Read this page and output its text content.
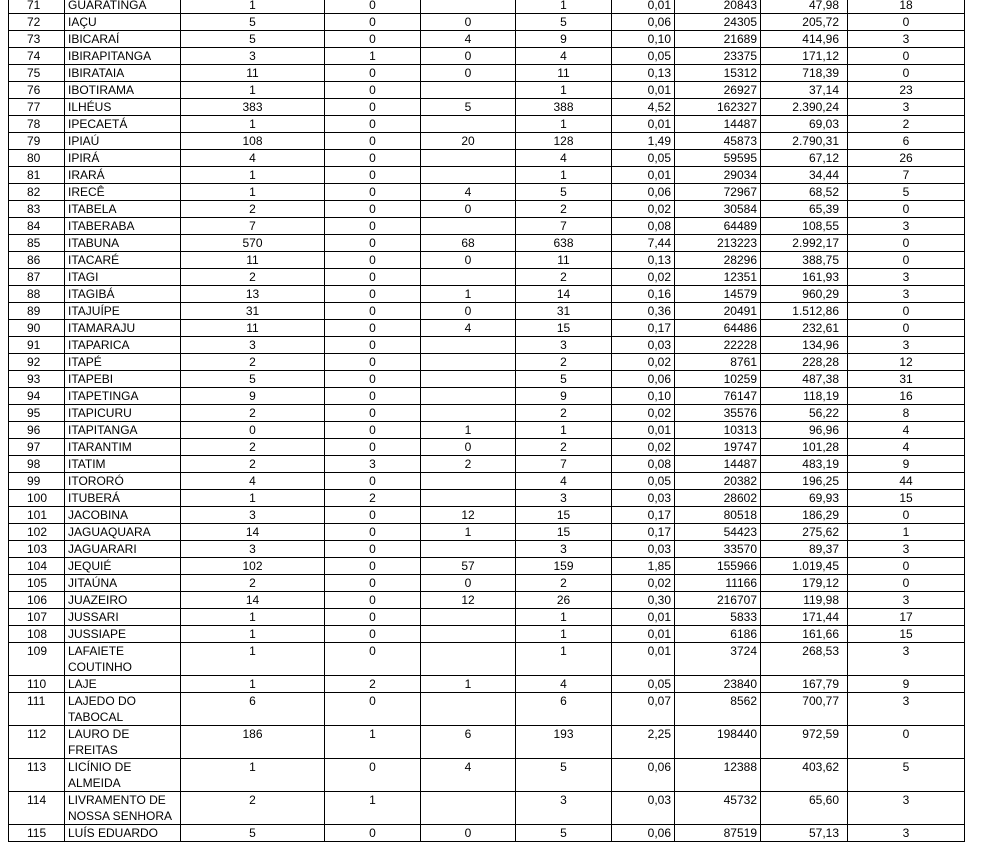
71	GUARATINGA	1	0		1	0,01	20843	47,98	18
72	IAÇU	5	0	0	5	0,06	24305	205,72	0
73	IBICARAÍ	5	0	4	9	0,10	21689	414,96	3
74	IBIRAPITANGA	3	1	0	4	0,05	23375	171,12	0
75	IBIRATAIA	11	0	0	11	0,13	15312	718,39	0
76	IBOTIRAMA	1	0		1	0,01	26927	37,14	23
77	ILHÉUS	383	0	5	388	4,52	162327	2.390,24	3
78	IPECAETÁ	1	0		1	0,01	14487	69,03	2
79	IPIAÚ	108	0	20	128	1,49	45873	2.790,31	6
80	IPIRÁ	4	0		4	0,05	59595	67,12	26
81	IRARÁ	1	0		1	0,01	29034	34,44	7
82	IRECÊ	1	0	4	5	0,06	72967	68,52	5
83	ITABELA	2	0	0	2	0,02	30584	65,39	0
84	ITABERABA	7	0		7	0,08	64489	108,55	3
85	ITABUNA	570	0	68	638	7,44	213223	2.992,17	0
86	ITACARÉ	11	0	0	11	0,13	28296	388,75	0
87	ITAGI	2	0		2	0,02	12351	161,93	3
88	ITAGIBÁ	13	0	1	14	0,16	14579	960,29	3
89	ITAJUÍPE	31	0	0	31	0,36	20491	1.512,86	0
90	ITAMARAJU	11	0	4	15	0,17	64486	232,61	0
91	ITAPARICA	3	0		3	0,03	22228	134,96	3
92	ITAPÉ	2	0		2	0,02	8761	228,28	12
93	ITAPEBI	5	0		5	0,06	10259	487,38	31
94	ITAPETINGA	9	0		9	0,10	76147	118,19	16
95	ITAPICURU	2	0		2	0,02	35576	56,22	8
96	ITAPITANGA	0	0	1	1	0,01	10313	96,96	4
97	ITARANTIM	2	0	0	2	0,02	19747	101,28	4
98	ITATIM	2	3	2	7	0,08	14487	483,19	9
99	ITORORÓ	4	0		4	0,05	20382	196,25	44
100	ITUBERÁ	1	2		3	0,03	28602	69,93	15
101	JACOBINA	3	0	12	15	0,17	80518	186,29	0
102	JAGUAQUARA	14	0	1	15	0,17	54423	275,62	1
103	JAGUARARI	3	0		3	0,03	33570	89,37	3
104	JEQUIÉ	102	0	57	159	1,85	155966	1.019,45	0
105	JITAÚNA	2	0	0	2	0,02	11166	179,12	0
106	JUAZEIRO	14	0	12	26	0,30	216707	119,98	3
107	JUSSARI	1	0		1	0,01	5833	171,44	17
108	JUSSIAPE	1	0		1	0,01	6186	161,66	15
109	LAFAIETE COUTINHO	1	0		1	0,01	3724	268,53	3
110	LAJE	1	2	1	4	0,05	23840	167,79	9
111	LAJEDO DO TABOCAL	6	0		6	0,07	8562	700,77	3
112	LAURO DE FREITAS	186	1	6	193	2,25	198440	972,59	0
113	LICÍNIO DE ALMEIDA	1	0	4	5	0,06	12388	403,62	5
114	LIVRAMENTO DE NOSSA SENHORA	2	1		3	0,03	45732	65,60	3
115	LUÍS EDUARDO	5	0	0	5	0,06	87519	57,13	3
